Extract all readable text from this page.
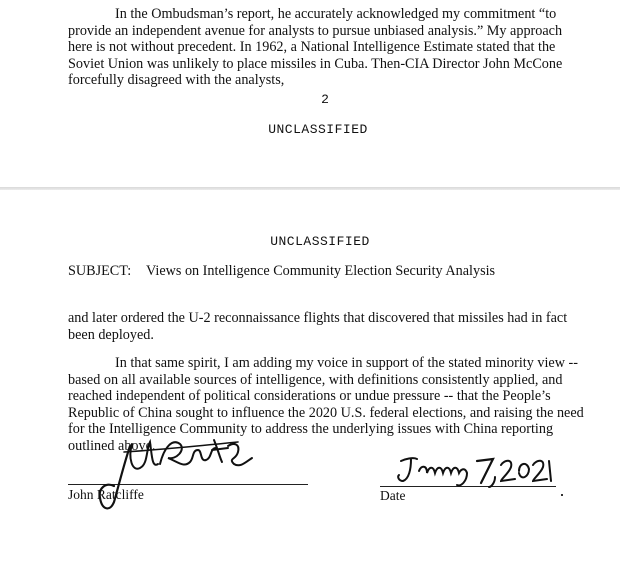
In the Ombudsman’s report, he accurately acknowledged my commitment “to provide an independent avenue for analysts to pursue unbiased analysis.” My approach here is not without precedent. In 1962, a National Intelligence Estimate stated that the Soviet Union was unlikely to place missiles in Cuba. Then-CIA Director John McCone forcefully disagreed with the analysts,

2
UNCLASSIFIED
UNCLASSIFIED
SUBJECT: Views on Intelligence Community Election Security Analysis

and later ordered the U-2 reconnaissance flights that discovered that missiles had in fact been deployed.

In that same spirit, I am adding my voice in support of the stated minority view -- based on all available sources of intelligence, with definitions consistently applied, and reached independent of political considerations or undue pressure -- that the People’s Republic of China sought to influence the 2020 U.S. federal elections, and raising the need for the Intelligence Community to address the underlying issues with China reporting outlined above.

John Ratcliffe	Date
